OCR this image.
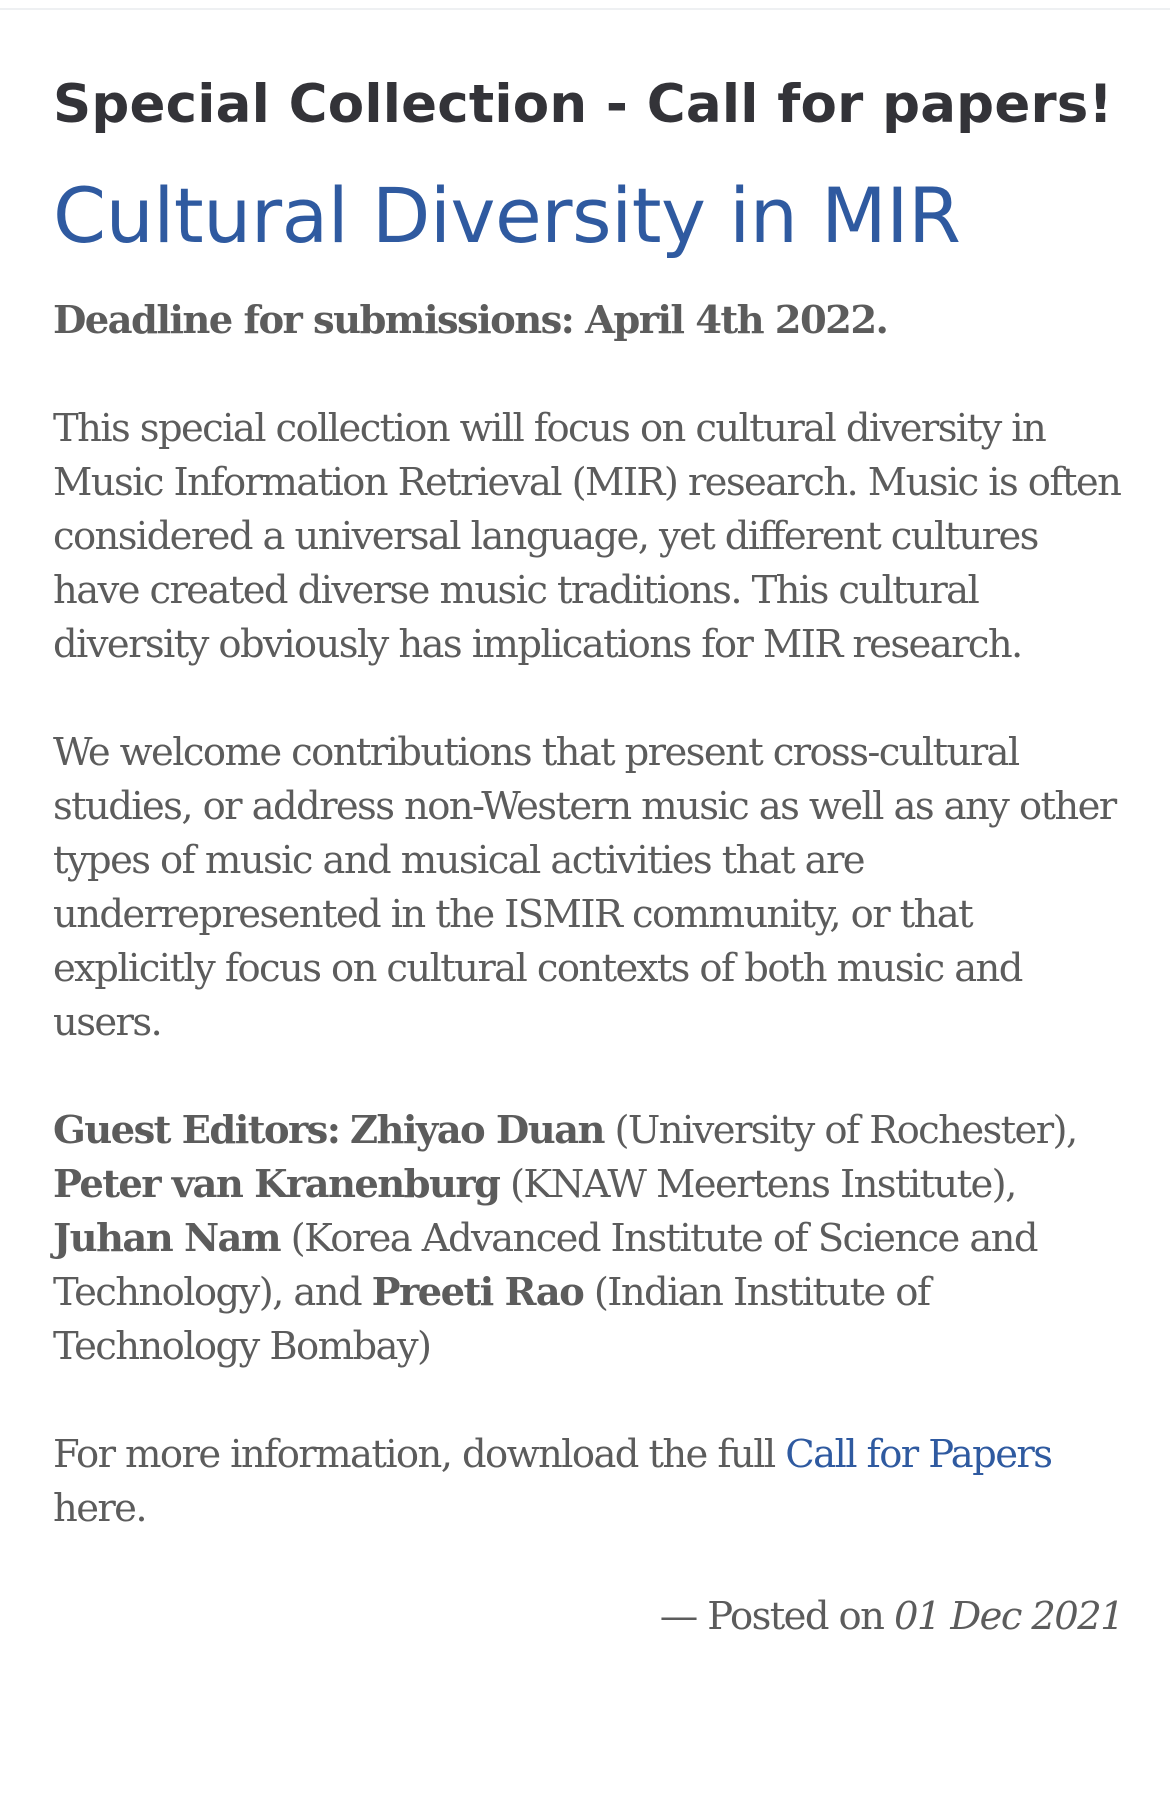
Special Collection - Call for papers!
Cultural Diversity in MIR

Deadline for submissions: April 4th 2022.

This special collection will focus on cultural diversity in Music Information Retrieval (MIR) research. Music is often considered a universal language, yet different cultures have created diverse music traditions. This cultural diversity obviously has implications for MIR research.

We welcome contributions that present cross-cultural studies, or address non-Western music as well as any other types of music and musical activities that are underrepresented in the ISMIR community, or that explicitly focus on cultural contexts of both music and users.

Guest Editors: Zhiyao Duan (University of Rochester), Peter van Kranenburg (KNAW Meertens Institute), Juhan Nam (Korea Advanced Institute of Science and Technology), and Preeti Rao (Indian Institute of Technology Bombay)

For more information, download the full Call for Papers here.

— Posted on 01 Dec 2021
